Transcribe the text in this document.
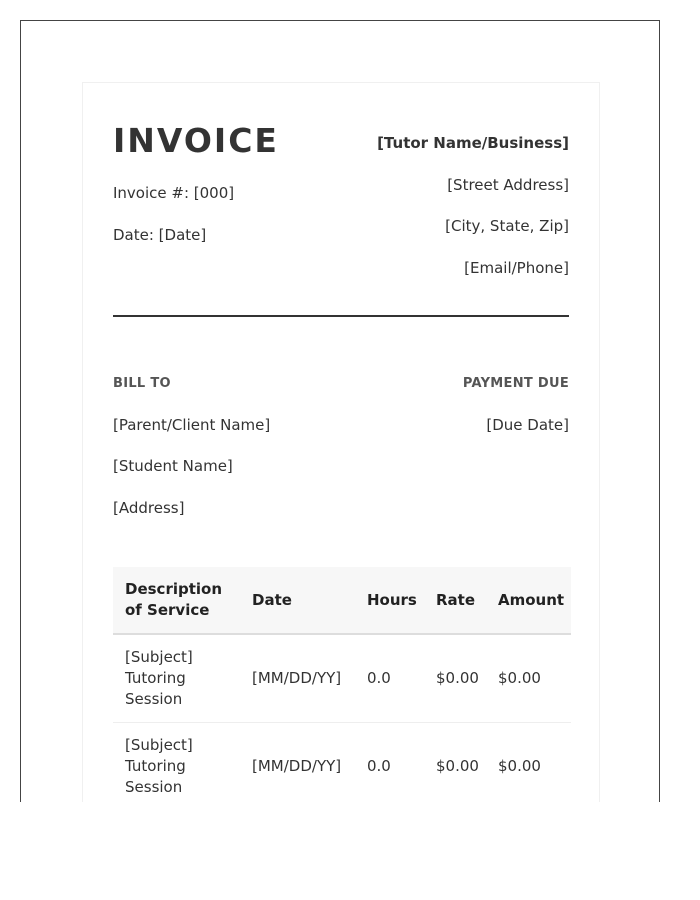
INVOICE
Invoice #: [000]
Date: [Date]
[Tutor Name/Business]
[Street Address]
[City, State, Zip]
[Email/Phone]
BILL TO
[Parent/Client Name]
[Student Name]
[Address]
PAYMENT DUE
[Due Date]
Description of Service	Date	Hours	Rate	Amount
[Subject] Tutoring Session	[MM/DD/YY]	0.0	$0.00	$0.00
[Subject] Tutoring Session	[MM/DD/YY]	0.0	$0.00	$0.00
